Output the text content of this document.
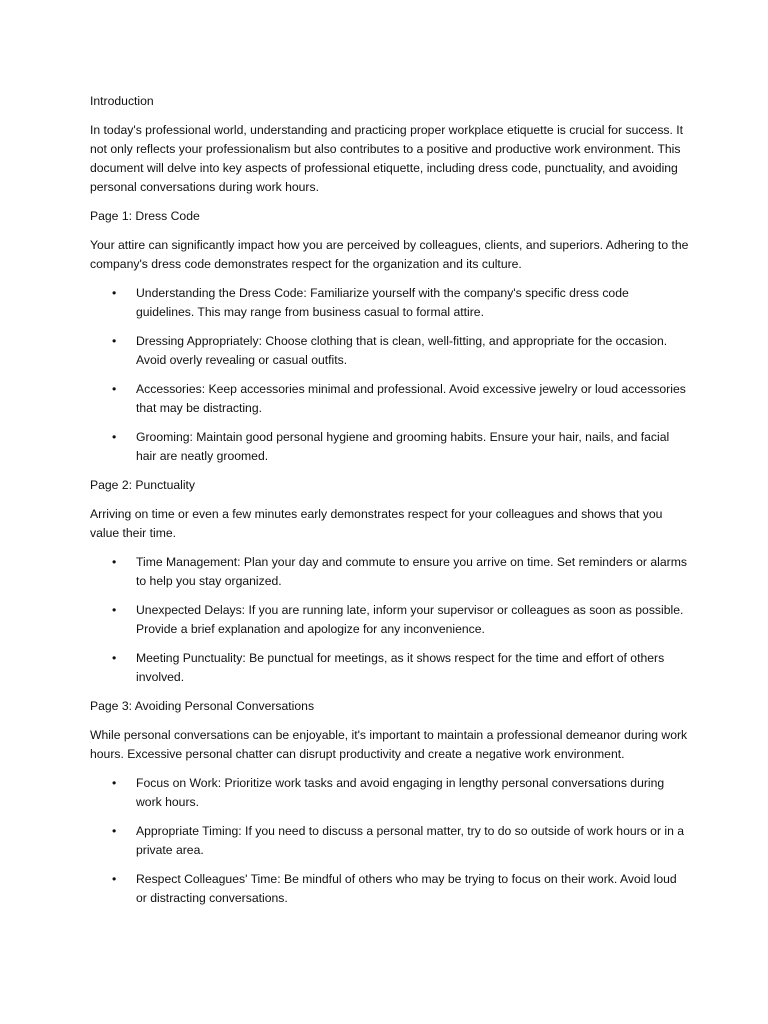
Introduction

In today's professional world, understanding and practicing proper workplace etiquette is crucial for success. It not only reflects your professionalism but also contributes to a positive and productive work environment. This document will delve into key aspects of professional etiquette, including dress code, punctuality, and avoiding personal conversations during work hours.

Page 1: Dress Code

Your attire can significantly impact how you are perceived by colleagues, clients, and superiors. Adhering to the company's dress code demonstrates respect for the organization and its culture.

• Understanding the Dress Code: Familiarize yourself with the company's specific dress code guidelines. This may range from business casual to formal attire.
• Dressing Appropriately: Choose clothing that is clean, well-fitting, and appropriate for the occasion. Avoid overly revealing or casual outfits.
• Accessories: Keep accessories minimal and professional. Avoid excessive jewelry or loud accessories that may be distracting.
• Grooming: Maintain good personal hygiene and grooming habits. Ensure your hair, nails, and facial hair are neatly groomed.

Page 2: Punctuality

Arriving on time or even a few minutes early demonstrates respect for your colleagues and shows that you value their time.

• Time Management: Plan your day and commute to ensure you arrive on time. Set reminders or alarms to help you stay organized.
• Unexpected Delays: If you are running late, inform your supervisor or colleagues as soon as possible. Provide a brief explanation and apologize for any inconvenience.
• Meeting Punctuality: Be punctual for meetings, as it shows respect for the time and effort of others involved.

Page 3: Avoiding Personal Conversations

While personal conversations can be enjoyable, it's important to maintain a professional demeanor during work hours. Excessive personal chatter can disrupt productivity and create a negative work environment.

• Focus on Work: Prioritize work tasks and avoid engaging in lengthy personal conversations during work hours.
• Appropriate Timing: If you need to discuss a personal matter, try to do so outside of work hours or in a private area.
• Respect Colleagues' Time: Be mindful of others who may be trying to focus on their work. Avoid loud or distracting conversations.
